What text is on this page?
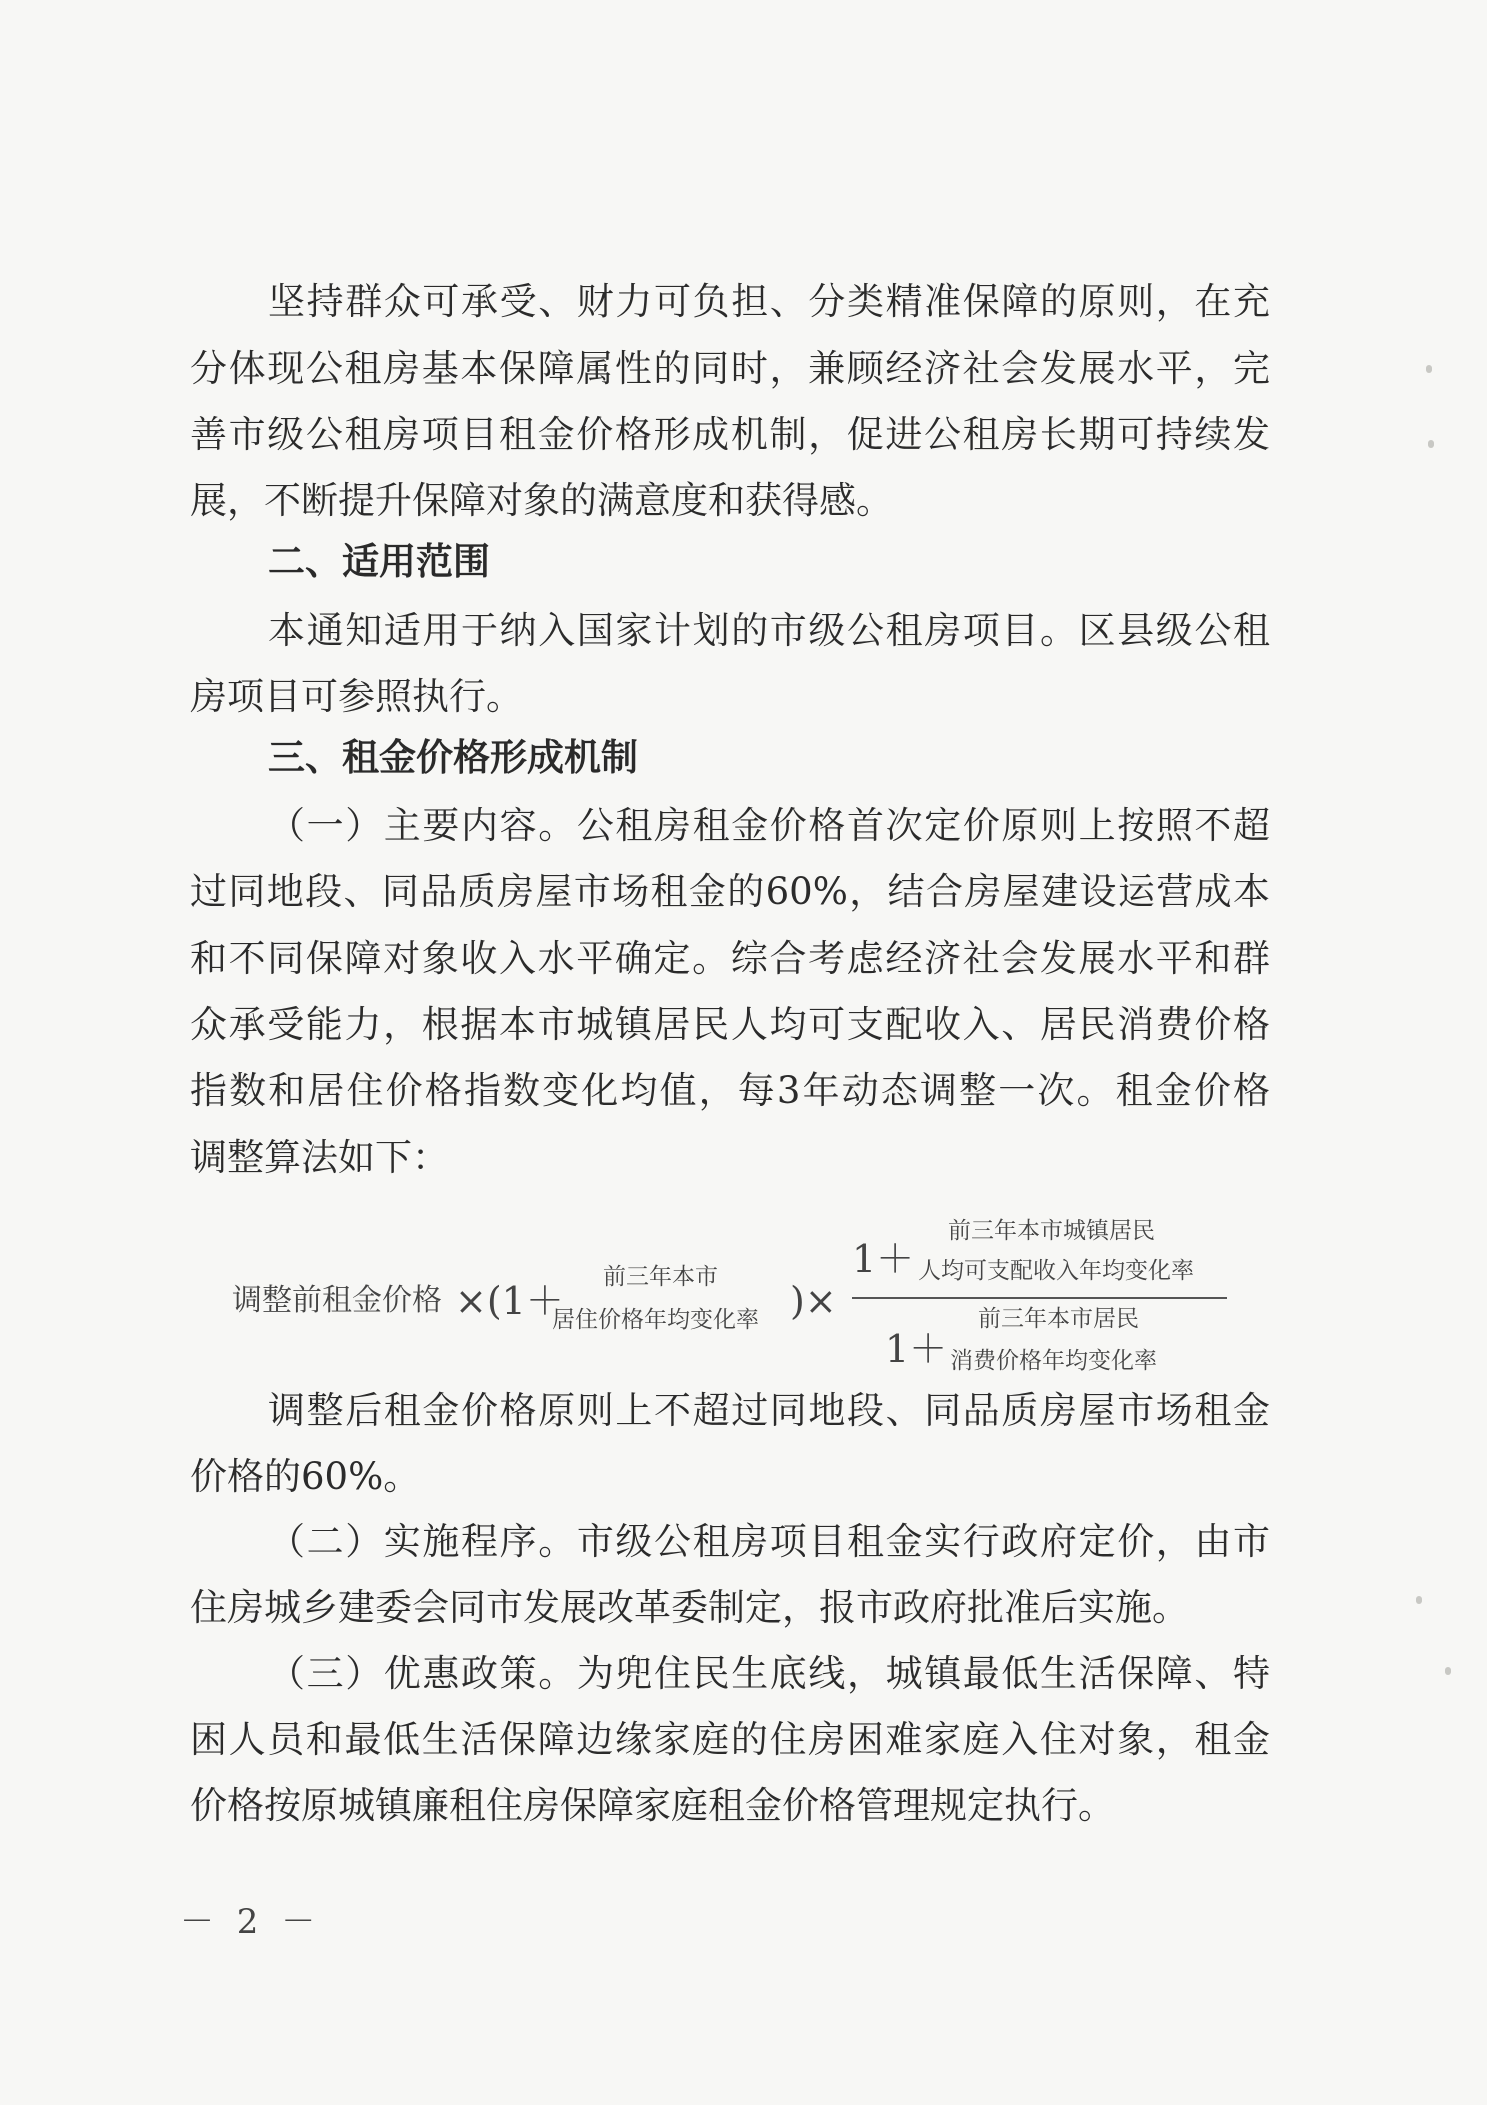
坚持群众可承受、财力可负担、分类精准保障的原则，在充
分体现公租房基本保障属性的同时，兼顾经济社会发展水平，完
善市级公租房项目租金价格形成机制，促进公租房长期可持续发
展，不断提升保障对象的满意度和获得感。
二、适用范围
本通知适用于纳入国家计划的市级公租房项目。区县级公租
房项目可参照执行。
三、租金价格形成机制
（一）主要内容。公租房租金价格首次定价原则上按照不超
过同地段、同品质房屋市场租金的60%，结合房屋建设运营成本
和不同保障对象收入水平确定。综合考虑经济社会发展水平和群
众承受能力，根据本市城镇居民人均可支配收入、居民消费价格
指数和居住价格指数变化均值，每3年动态调整一次。租金价格
调整算法如下：
调整前租金价格 ×(1＋
前三年本市
居住价格年均变化率 )×
前三年本市城镇居民
1＋ 人均可支配收入年均变化率
前三年本市居民
1＋ 消费价格年均变化率
调整后租金价格原则上不超过同地段、同品质房屋市场租金
价格的60%。
（二）实施程序。市级公租房项目租金实行政府定价，由市
住房城乡建委会同市发展改革委制定，报市政府批准后实施。
（三）优惠政策。为兜住民生底线，城镇最低生活保障、特
困人员和最低生活保障边缘家庭的住房困难家庭入住对象，租金
价格按原城镇廉租住房保障家庭租金价格管理规定执行。
－ 2 －
